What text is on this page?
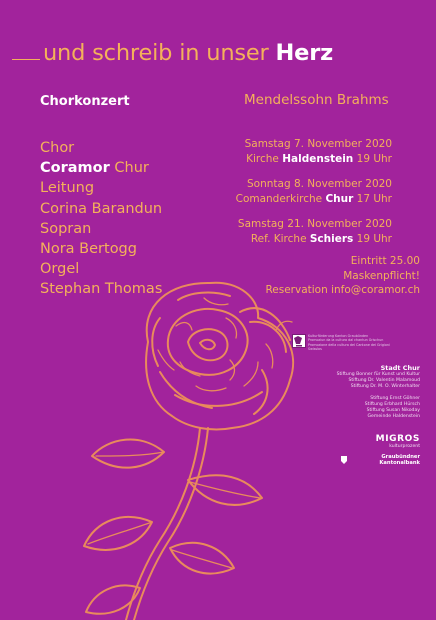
und schreib in unser Herz
Chorkonzert	Mendelssohn Brahms
Chor
Coramor Chur
Leitung
Corina Barandun
Sopran
Nora Bertogg
Orgel
Stephan Thomas
Samstag 7. November 2020
Kirche Haldenstein 19 Uhr
Sonntag 8. November 2020
Comanderkirche Chur 17 Uhr
Samstag 21. November 2020
Ref. Kirche Schiers 19 Uhr
Eintritt 25.00
Maskenpflicht!
Reservation info@coramor.ch
Kulturförderung Kanton Graubünden
Promoziun da la cultura dal chantun Grischun
Promozione della cultura del Cantone dei Grigioni
Swisslos
Stadt Chur
Stiftung Bonner für Kunst und Kultur
Stiftung Dr. Valentin Malamoud
Stiftung Dr. M. O. Winterhalter
Stiftung Ernst Göhner
Stiftung Erbhard Hürsch
Stiftung Susan Nikoday
Gemeinde Haldenstein
MIGROS
kulturprozent
Graubündner
Kantonalbank
